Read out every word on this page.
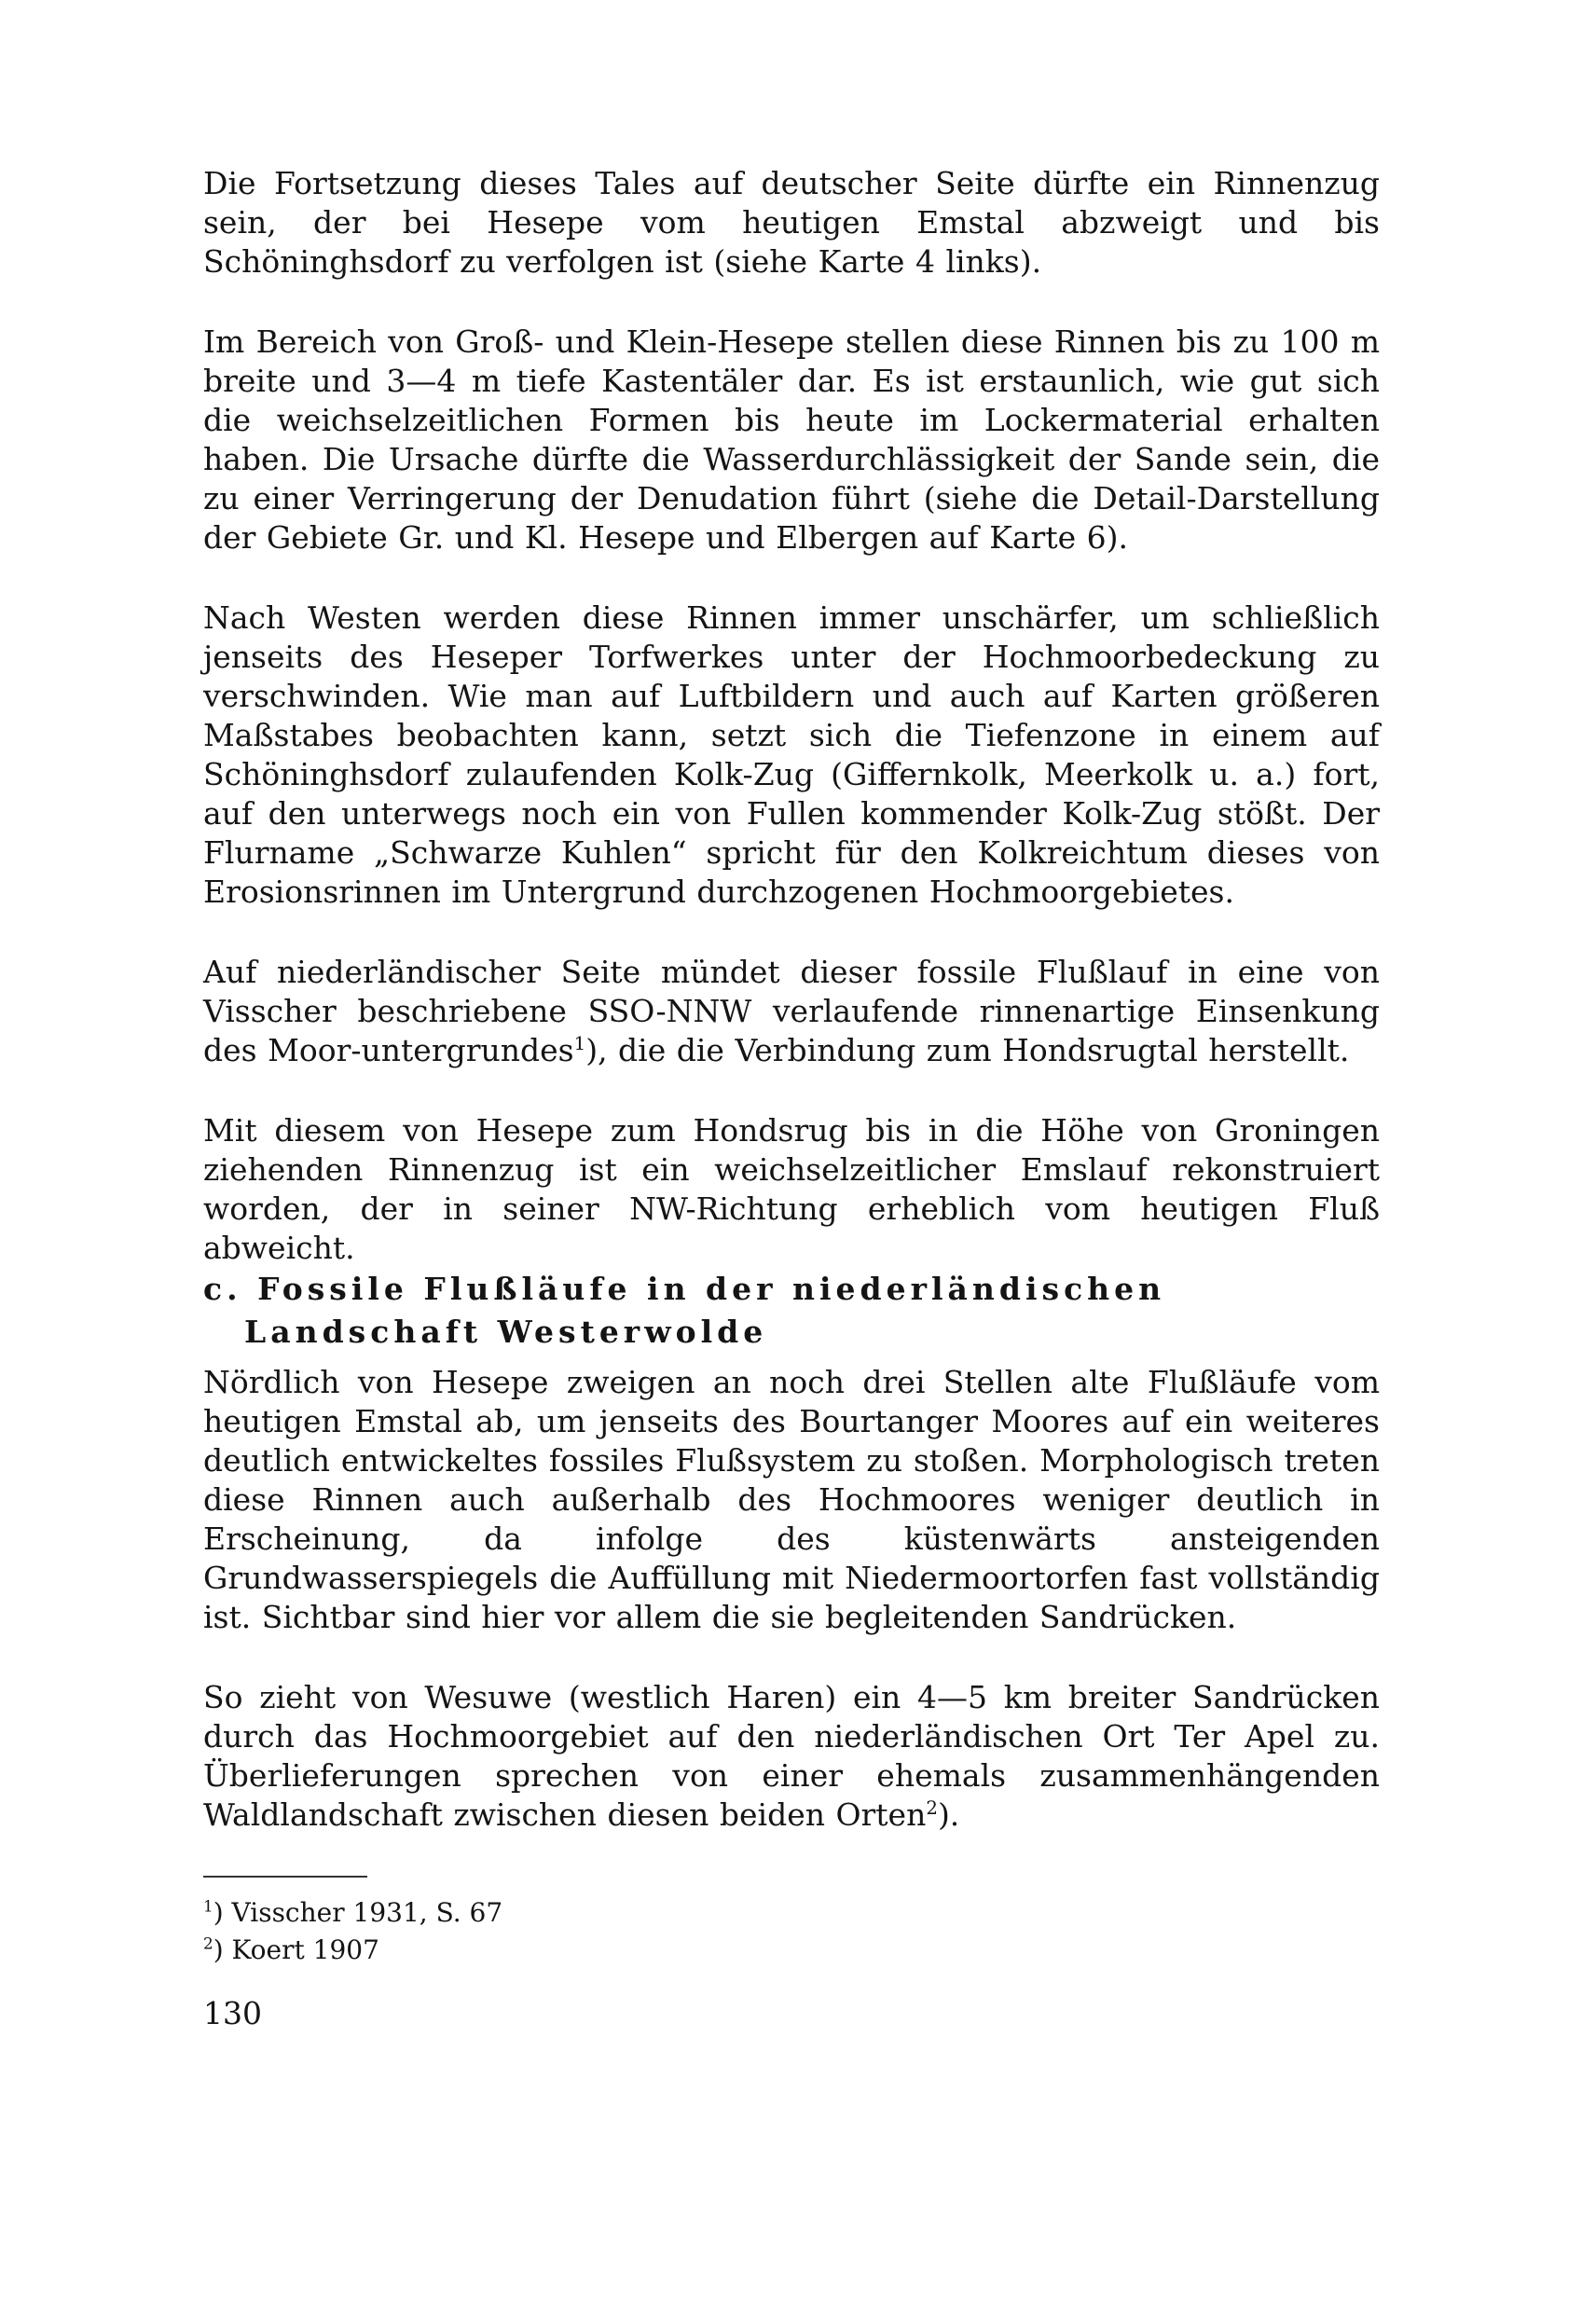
Die Fortsetzung dieses Tales auf deutscher Seite dürfte ein Rinnenzug sein, der bei Hesepe vom heutigen Emstal abzweigt und bis Schöninghsdorf zu verfolgen ist (siehe Karte 4 links).

Im Bereich von Groß- und Klein-Hesepe stellen diese Rinnen bis zu 100 m breite und 3—4 m tiefe Kastentäler dar. Es ist erstaunlich, wie gut sich die weichselzeitlichen Formen bis heute im Lockermaterial erhalten haben. Die Ursache dürfte die Wasserdurchlässigkeit der Sande sein, die zu einer Verringerung der Denudation führt (siehe die Detail-Darstellung der Gebiete Gr. und Kl. Hesepe und Elbergen auf Karte 6).

Nach Westen werden diese Rinnen immer unschärfer, um schließlich jenseits des Heseper Torfwerkes unter der Hochmoorbedeckung zu verschwinden. Wie man auf Luftbildern und auch auf Karten größeren Maßstabes beobachten kann, setzt sich die Tiefenzone in einem auf Schöninghsdorf zulaufenden Kolk-Zug (Giffernkolk, Meerkolk u. a.) fort, auf den unterwegs noch ein von Fullen kommender Kolk-Zug stößt. Der Flurname „Schwarze Kuhlen“ spricht für den Kolkreichtum dieses von Erosionsrinnen im Untergrund durchzogenen Hochmoorgebietes.

Auf niederländischer Seite mündet dieser fossile Flußlauf in eine von Visscher beschriebene SSO-NNW verlaufende rinnenartige Einsenkung des Moor-untergrundes$^1$), die die Verbindung zum Hondsrugtal herstellt.

Mit diesem von Hesepe zum Hondsrug bis in die Höhe von Groningen ziehenden Rinnenzug ist ein weichselzeitlicher Emslauf rekonstruiert worden, der in seiner NW-Richtung erheblich vom heutigen Fluß abweicht.

c. Fossile Flußläufe in der niederländischen
Landschaft Westerwolde

Nördlich von Hesepe zweigen an noch drei Stellen alte Flußläufe vom heutigen Emstal ab, um jenseits des Bourtanger Moores auf ein weiteres deutlich entwickeltes fossiles Flußsystem zu stoßen. Morphologisch treten diese Rinnen auch außerhalb des Hochmoores weniger deutlich in Erscheinung, da infolge des küstenwärts ansteigenden Grundwasserspiegels die Auffüllung mit Niedermoortorfen fast vollständig ist. Sichtbar sind hier vor allem die sie begleitenden Sandrücken.

So zieht von Wesuwe (westlich Haren) ein 4—5 km breiter Sandrücken durch das Hochmoorgebiet auf den niederländischen Ort Ter Apel zu. Überlieferungen sprechen von einer ehemals zusammenhängenden Waldlandschaft zwischen diesen beiden Orten$^2$).

$^1$) Visscher 1931, S. 67

$^2$) Koert 1907

130
